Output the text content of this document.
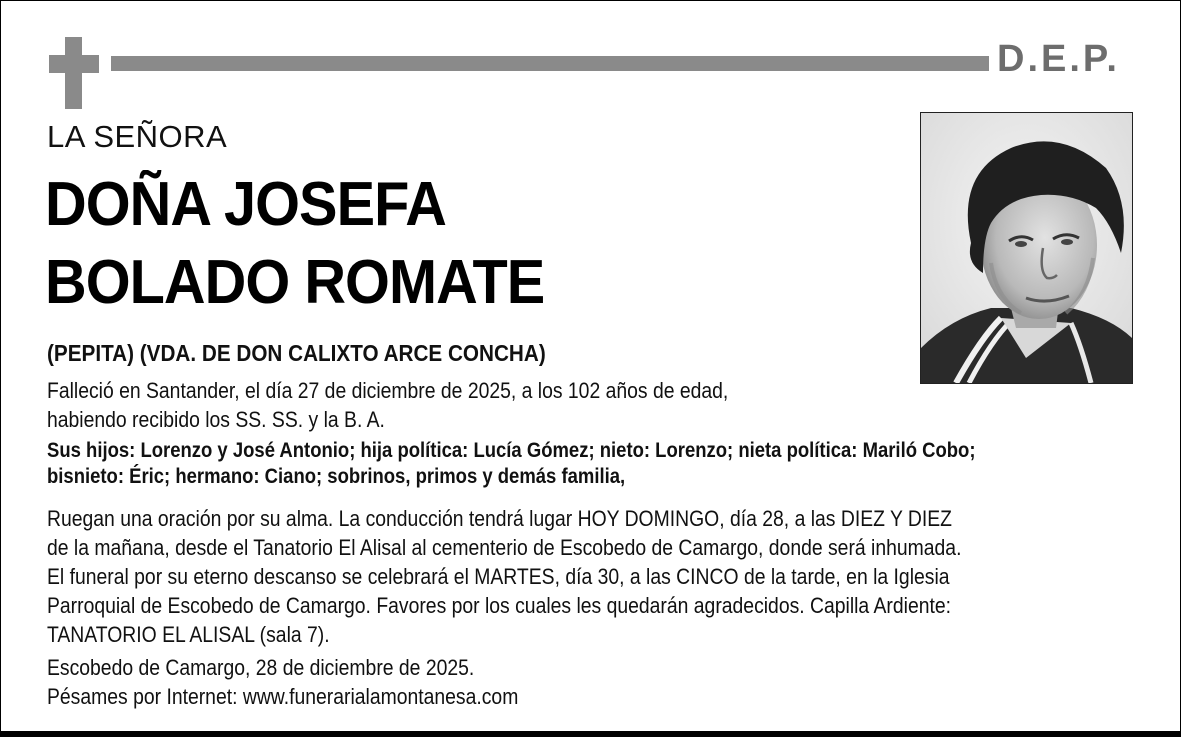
D.E.P.
LA SEÑORA
DOÑA JOSEFA
BOLADO ROMATE
(PEPITA) (VDA. DE DON CALIXTO ARCE CONCHA)
Falleció en Santander, el día 27 de diciembre de 2025, a los 102 años de edad,
habiendo recibido los SS. SS. y la B. A.
Sus hijos: Lorenzo y José Antonio; hija política: Lucía Gómez; nieto: Lorenzo; nieta política: Mariló Cobo;
bisnieto: Éric; hermano: Ciano; sobrinos, primos y demás familia,
Ruegan una oración por su alma. La conducción tendrá lugar HOY DOMINGO, día 28, a las DIEZ Y DIEZ
de la mañana, desde el Tanatorio El Alisal al cementerio de Escobedo de Camargo, donde será inhumada.
El funeral por su eterno descanso se celebrará el MARTES, día 30, a las CINCO de la tarde, en la Iglesia
Parroquial de Escobedo de Camargo. Favores por los cuales les quedarán agradecidos. Capilla Ardiente:
TANATORIO EL ALISAL (sala 7).
Escobedo de Camargo, 28 de diciembre de 2025.
Pésames por Internet: www.funerarialamontanesa.com
